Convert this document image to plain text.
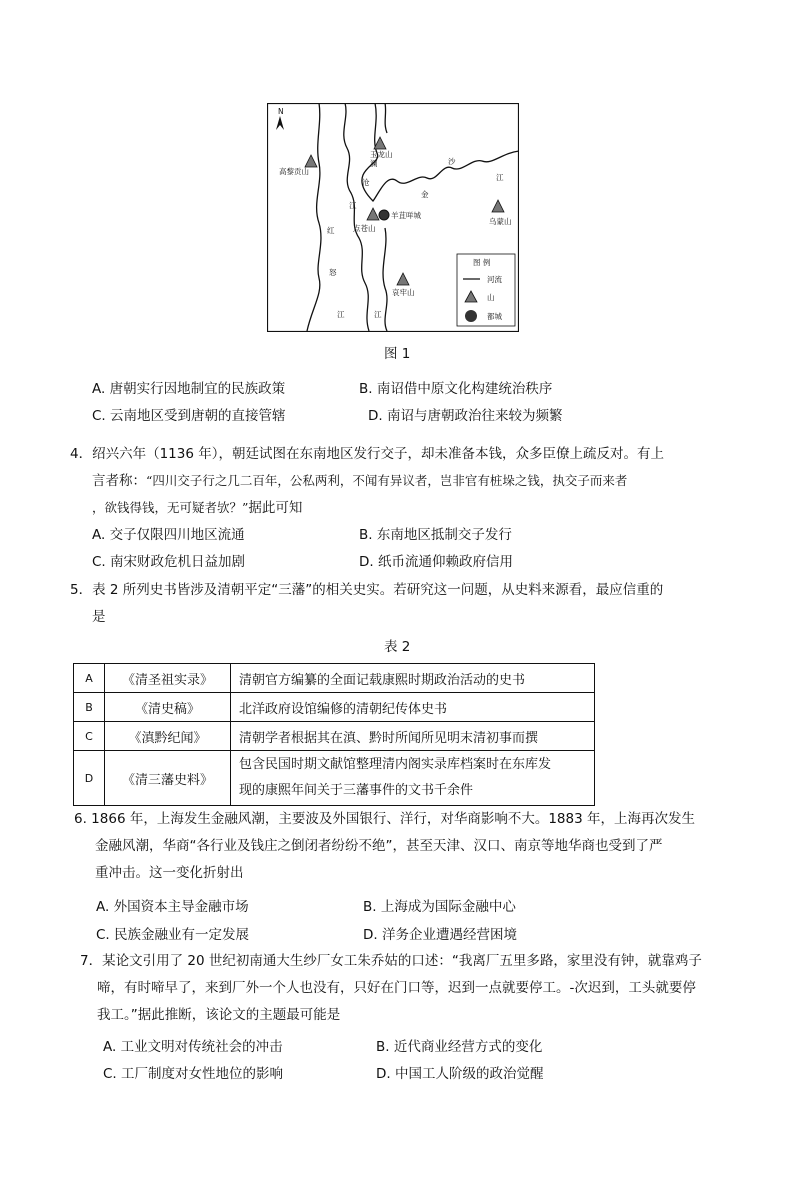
N
玉龙山
高黎贡山
点苍山
乌蒙山
哀牢山
羊苴咩城
金
沙
江
怒
江
澜
沧
江
红
江
图 例
河流
山
都城
图 1
A. 唐朝实行因地制宜的民族政策	B. 南诏借中原文化构建统治秩序
C. 云南地区受到唐朝的直接管辖	D. 南诏与唐朝政治往来较为频繁
4．绍兴六年（1136 年），朝廷试图在东南地区发行交子，却未准备本钱，众多臣僚上疏反对。有上
言者称：“四川交子行之几二百年，公私两利，不闻有异议者，岂非官有桩垛之钱，执交子而来者
，欲钱得钱，无可疑者欤？”据此可知
A. 交子仅限四川地区流通	B. 东南地区抵制交子发行
C. 南宋财政危机日益加剧	D. 纸币流通仰赖政府信用
5．表 2 所列史书皆涉及清朝平定“三藩”的相关史实。若研究这一问题，从史料来源看，最应信重的
是
表 2
A	《清圣祖实录》	清朝官方编纂的全面记载康熙时期政治活动的史书
B	《清史稿》	北洋政府设馆编修的清朝纪传体史书
C	《滇黔纪闻》	清朝学者根据其在滇、黔时所闻所见明末清初事而撰
D	《清三藩史料》	包含民国时期文献馆整理清内阁实录库档案时在东库发
现的康熙年间关于三藩事件的文书千余件
6. 1866 年，上海发生金融风潮，主要波及外国银行、洋行，对华商影响不大。1883 年，上海再次发生
金融风潮，华商“各行业及钱庄之倒闭者纷纷不绝”，甚至天津、汉口、南京等地华商也受到了严
重冲击。这一变化折射出
A. 外国资本主导金融市场	B. 上海成为国际金融中心
C. 民族金融业有一定发展	D. 洋务企业遭遇经营困境
7．某论文引用了 20 世纪初南通大生纱厂女工朱乔姑的口述：“我离厂五里多路，家里没有钟，就靠鸡子
啼，有时啼早了，来到厂外一个人也没有，只好在门口等，迟到一点就要停工。-次迟到，工头就要停
我工。”据此推断，该论文的主题最可能是
A. 工业文明对传统社会的冲击	B. 近代商业经营方式的变化
C. 工厂制度对女性地位的影响	D. 中国工人阶级的政治觉醒
